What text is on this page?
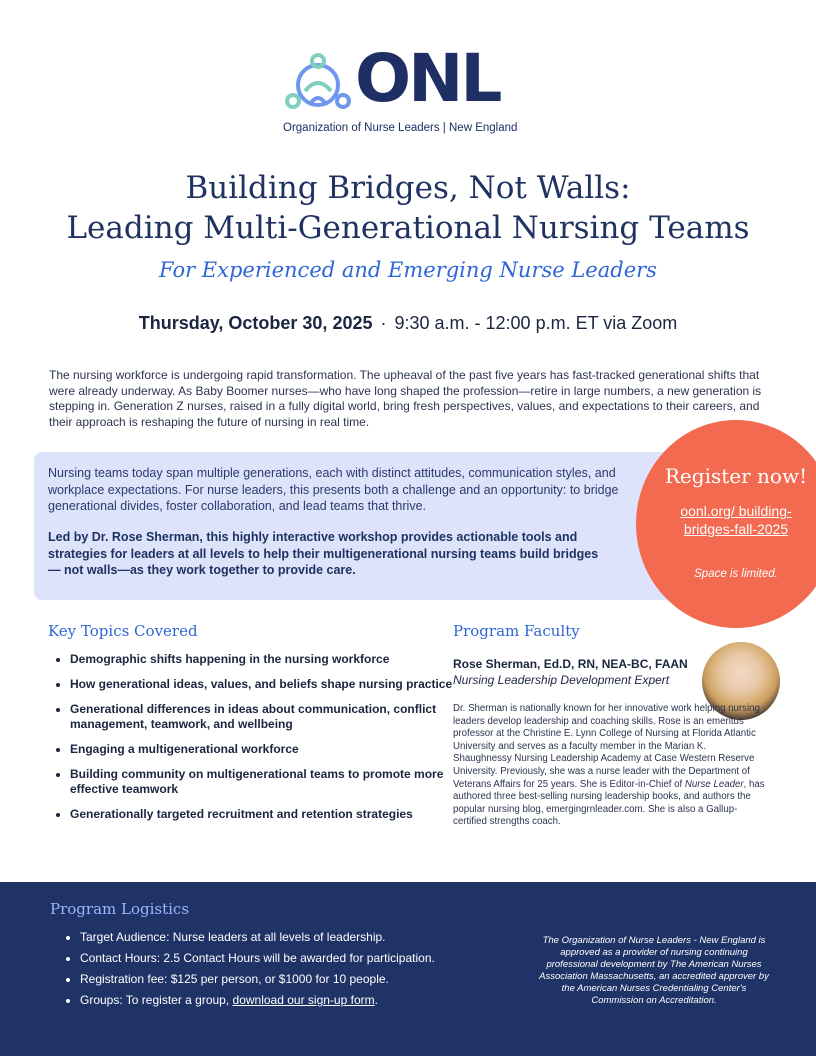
ONL
Organization of Nurse Leaders | New England
Building Bridges, Not Walls:
Leading Multi-Generational Nursing Teams
For Experienced and Emerging Nurse Leaders
Thursday, October 30, 2025 · 9:30 a.m. - 12:00 p.m. ET via Zoom
The nursing workforce is undergoing rapid transformation. The upheaval of the past five years has fast-tracked generational shifts that were already underway. As Baby Boomer nurses—who have long shaped the profession—retire in large numbers, a new generation is stepping in. Generation Z nurses, raised in a fully digital world, bring fresh perspectives, values, and expectations to their careers, and their approach is reshaping the future of nursing in real time.
Nursing teams today span multiple generations, each with distinct attitudes, communication styles, and workplace expectations. For nurse leaders, this presents both a challenge and an opportunity: to bridge generational divides, foster collaboration, and lead teams that thrive.
Led by Dr. Rose Sherman, this highly interactive workshop provides actionable tools and strategies for leaders at all levels to help their multigenerational nursing teams build bridges— not walls—as they work together to provide care.
Register now!
oonl.org/ building-bridges-fall-2025
Space is limited.
Key Topics Covered
• Demographic shifts happening in the nursing workforce
• How generational ideas, values, and beliefs shape nursing practice
• Generational differences in ideas about communication, conflict management, teamwork, and wellbeing
• Engaging a multigenerational workforce
• Building community on multigenerational teams to promote more effective teamwork
• Generationally targeted recruitment and retention strategies
Program Faculty
Rose Sherman, Ed.D, RN, NEA-BC, FAAN
Nursing Leadership Development Expert
Dr. Sherman is nationally known for her innovative work helping nursing leaders develop leadership and coaching skills. Rose is an emeritus professor at the Christine E. Lynn College of Nursing at Florida Atlantic University and serves as a faculty member in the Marian K. Shaughnessy Nursing Leadership Academy at Case Western Reserve University. Previously, she was a nurse leader with the Department of Veterans Affairs for 25 years. She is Editor-in-Chief of Nurse Leader, has authored three best-selling nursing leadership books, and authors the popular nursing blog, emergingrnleader.com. She is also a Gallup-certified strengths coach.
Program Logistics
• Target Audience: Nurse leaders at all levels of leadership.
• Contact Hours: 2.5 Contact Hours will be awarded for participation.
• Registration fee: $125 per person, or $1000 for 10 people.
• Groups: To register a group, download our sign-up form.
The Organization of Nurse Leaders - New England is approved as a provider of nursing continuing professional development by The American Nurses Association Massachusetts, an accredited approver by the American Nurses Credentialing Center's Commission on Accreditation.
